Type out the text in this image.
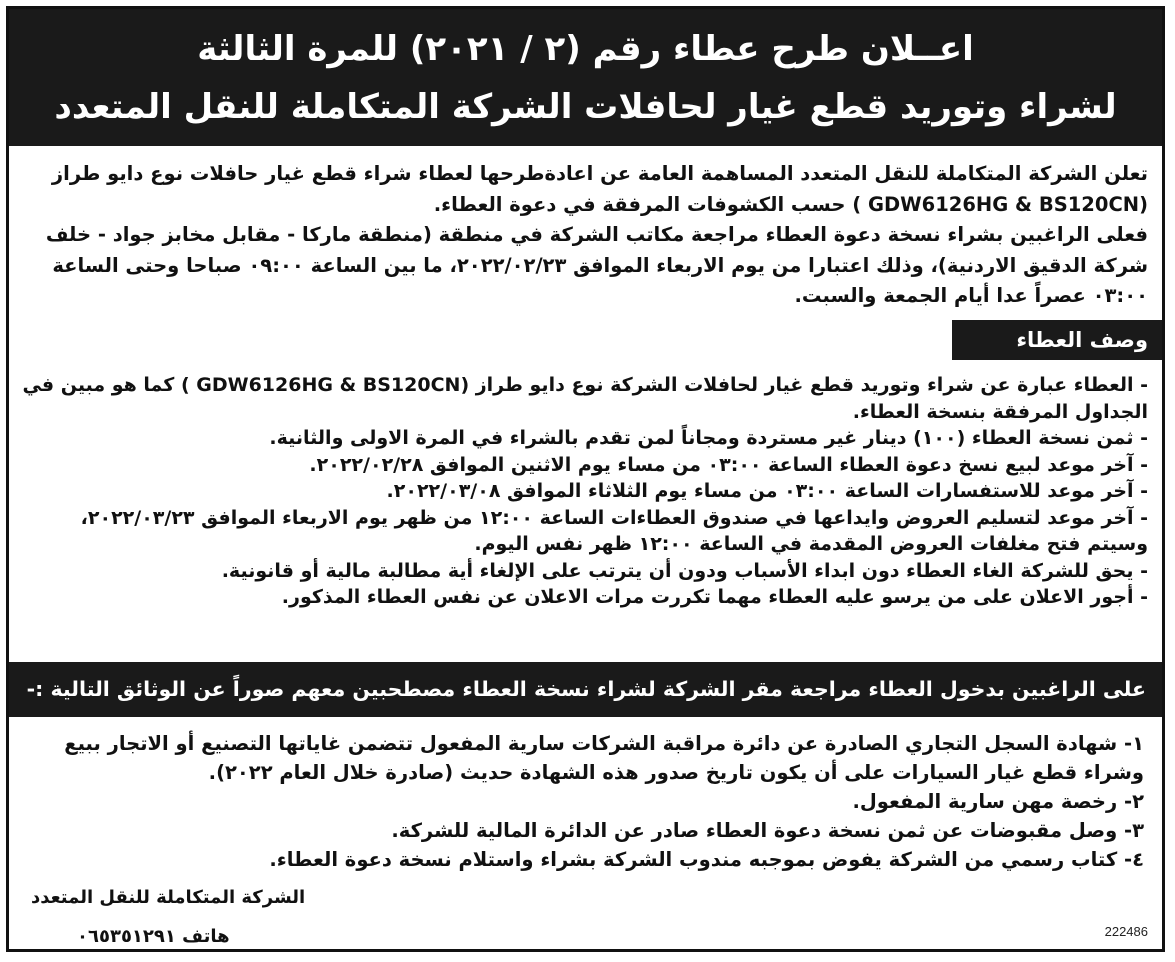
اعــلان طرح عطاء رقم (٢ / ٢٠٢١) للمرة الثالثة
لشراء وتوريد قطع غيار لحافلات الشركة المتكاملة للنقل المتعدد
تعلن الشركة المتكاملة للنقل المتعدد المساهمة العامة عن اعادةطرحها لعطاء شراء قطع غيار حافلات نوع دايو طراز (GDW6126HG & BS120CN ) حسب الكشوفات المرفقة في دعوة العطاء.
فعلى الراغبين بشراء نسخة دعوة العطاء مراجعة مكاتب الشركة في منطقة (منطقة ماركا - مقابل مخابز جواد - خلف شركة الدقيق الاردنية)، وذلك اعتبارا من يوم الاربعاء الموافق ٢٠٢٢/٠٢/٢٣، ما بين الساعة ٠٩:٠٠ صباحا وحتى الساعة ٠٣:٠٠ عصراً عدا أيام الجمعة والسبت.
وصف العطاء
- العطاء عبارة عن شراء وتوريد قطع غيار لحافلات الشركة نوع دايو طراز (GDW6126HG & BS120CN ) كما هو مبين في الجداول المرفقة بنسخة العطاء.
- ثمن نسخة العطاء (١٠٠) دينار غير مستردة ومجاناً لمن تقدم بالشراء في المرة الاولى والثانية.
- آخر موعد لبيع نسخ دعوة العطاء الساعة ٠٣:٠٠ من مساء يوم الاثنين الموافق ٢٠٢٢/٠٢/٢٨.
- آخر موعد للاستفسارات الساعة ٠٣:٠٠ من مساء يوم الثلاثاء الموافق ٢٠٢٢/٠٣/٠٨.
- آخر موعد لتسليم العروض وايداعها في صندوق العطاءات الساعة ١٢:٠٠ من ظهر يوم الاربعاء الموافق ٢٠٢٢/٠٣/٢٣، وسيتم فتح مغلفات العروض المقدمة في الساعة ١٢:٠٠ ظهر نفس اليوم.
- يحق للشركة الغاء العطاء دون ابداء الأسباب ودون أن يترتب على الإلغاء أية مطالبة مالية أو قانونية.
- أجور الاعلان على من يرسو عليه العطاء مهما تكررت مرات الاعلان عن نفس العطاء المذكور.
على الراغبين بدخول العطاء مراجعة مقر الشركة لشراء نسخة العطاء مصطحبين معهم صوراً عن الوثائق التالية :-
١- شهادة السجل التجاري الصادرة عن دائرة مراقبة الشركات سارية المفعول تتضمن غاياتها التصنيع أو الاتجار ببيع وشراء قطع غيار السيارات على أن يكون تاريخ صدور هذه الشهادة حديث (صادرة خلال العام ٢٠٢٢).
٢- رخصة مهن سارية المفعول.
٣- وصل مقبوضات عن ثمن نسخة دعوة العطاء صادر عن الدائرة المالية للشركة.
٤- كتاب رسمي من الشركة يفوض بموجبه مندوب الشركة بشراء واستلام نسخة دعوة العطاء.
الشركة المتكاملة للنقل المتعدد
هاتف ٠٦٥٣٥١٢٩١	222486
